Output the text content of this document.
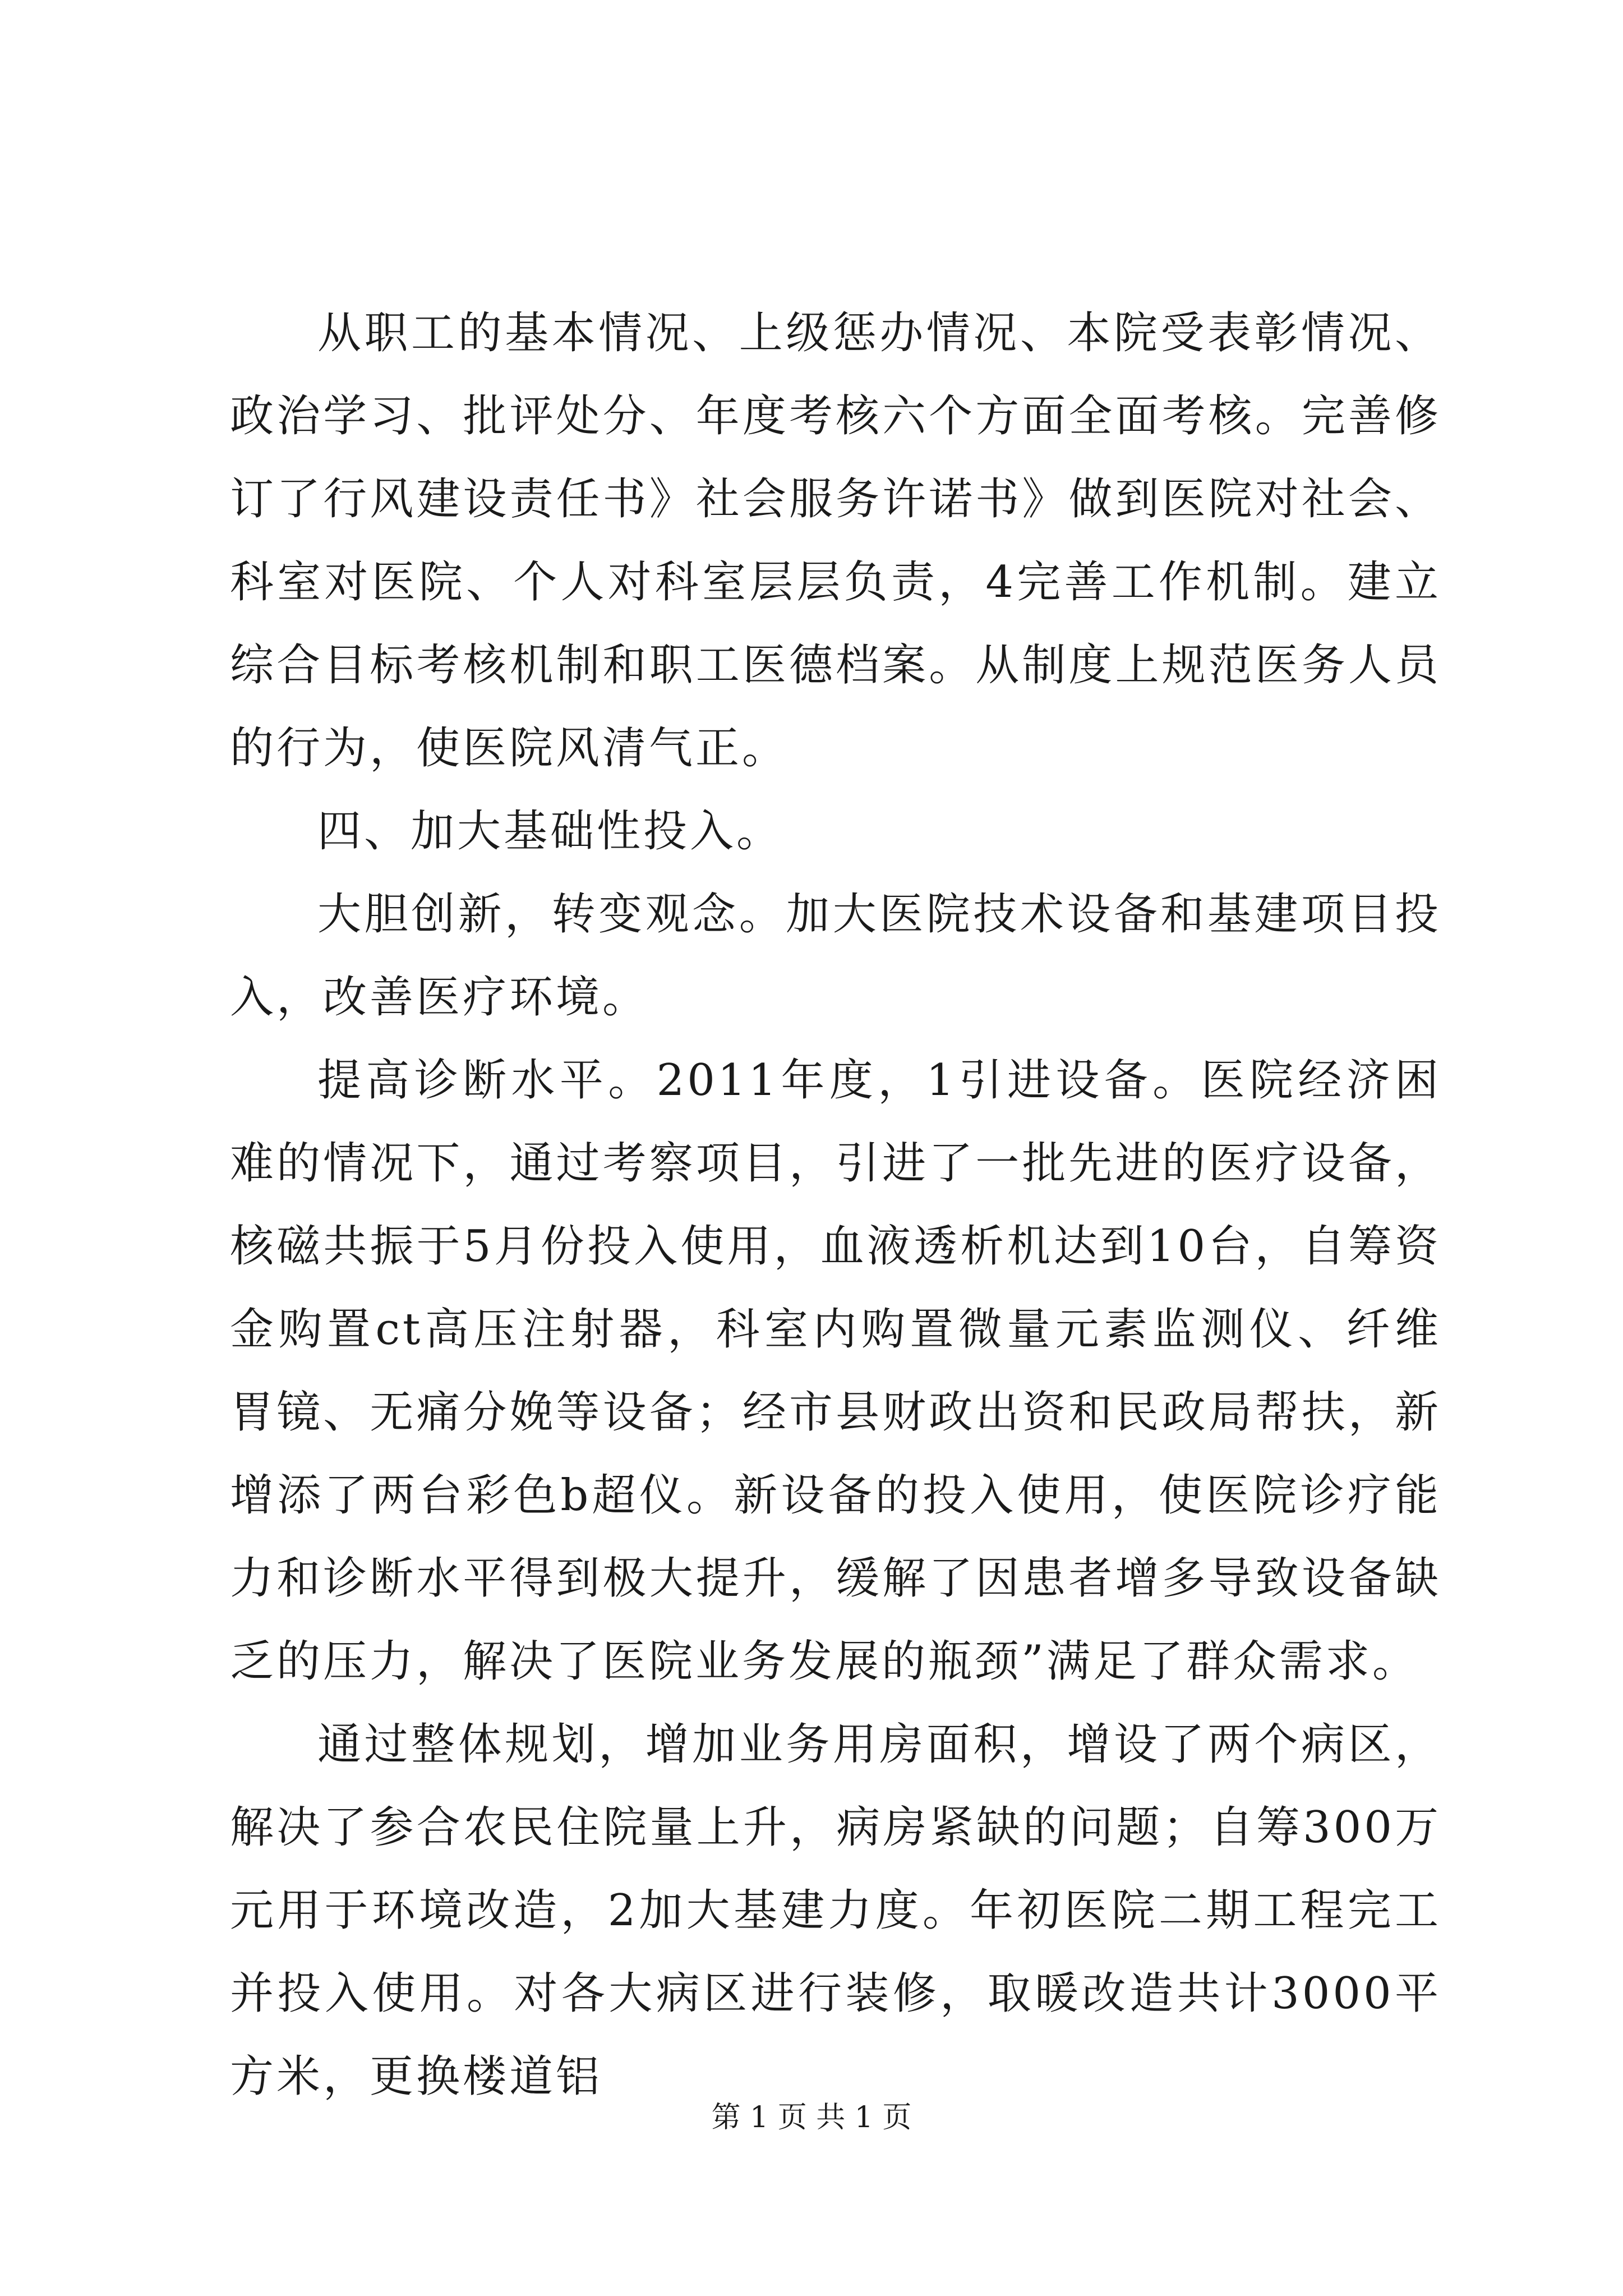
从职工的基本情况、上级惩办情况、本院受表彰情况、政治学习、批评处分、年度考核六个方面全面考核。完善修订了行风建设责任书》社会服务许诺书》做到医院对社会、科室对医院、个人对科室层层负责，4完善工作机制。建立综合目标考核机制和职工医德档案。从制度上规范医务人员的行为，使医院风清气正。

四、加大基础性投入。

大胆创新，转变观念。加大医院技术设备和基建项目投入，改善医疗环境。

提高诊断水平。2011年度，1引进设备。医院经济困难的情况下，通过考察项目，引进了一批先进的医疗设备，核磁共振于5月份投入使用，血液透析机达到10台，自筹资金购置ct高压注射器，科室内购置微量元素监测仪、纤维胃镜、无痛分娩等设备；经市县财政出资和民政局帮扶，新增添了两台彩色b超仪。新设备的投入使用，使医院诊疗能力和诊断水平得到极大提升，缓解了因患者增多导致设备缺乏的压力，解决了医院业务发展的瓶颈”满足了群众需求。

通过整体规划，增加业务用房面积，增设了两个病区，解决了参合农民住院量上升，病房紧缺的问题；自筹300万元用于环境改造，2加大基建力度。年初医院二期工程完工并投入使用。对各大病区进行装修，取暖改造共计3000平方米，更换楼道铝

第 1 页 共 1 页
